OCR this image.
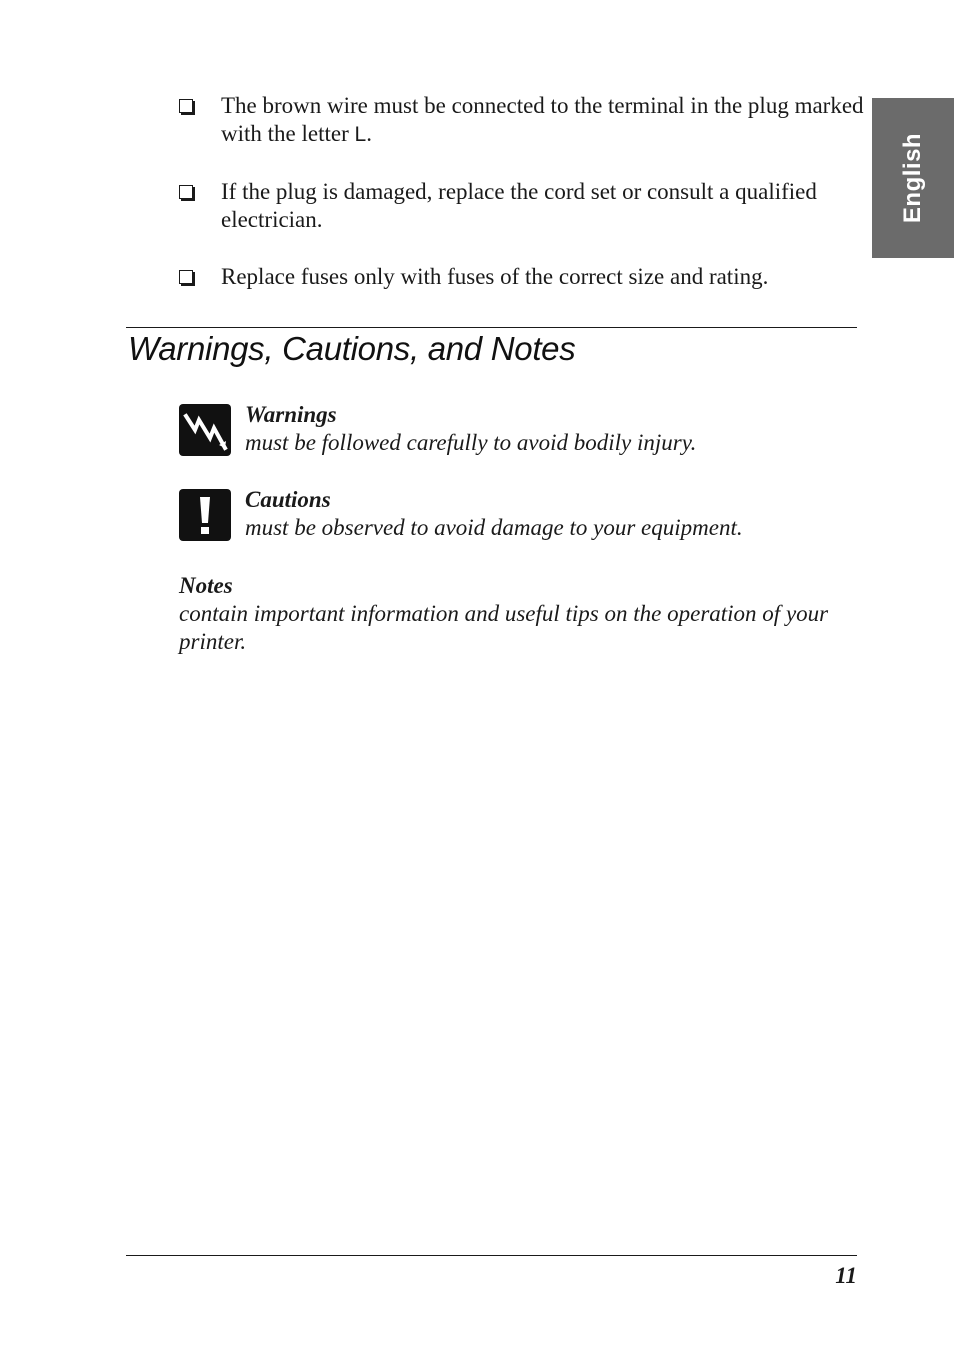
English
The brown wire must be connected to the terminal in the plug marked with the letter L.
If the plug is damaged, replace the cord set or consult a qualified electrician.
Replace fuses only with fuses of the correct size and rating.
Warnings, Cautions, and Notes
Warnings
must be followed carefully to avoid bodily injury.
Cautions
must be observed to avoid damage to your equipment.
Notes
contain important information and useful tips on the operation of your printer.
11
